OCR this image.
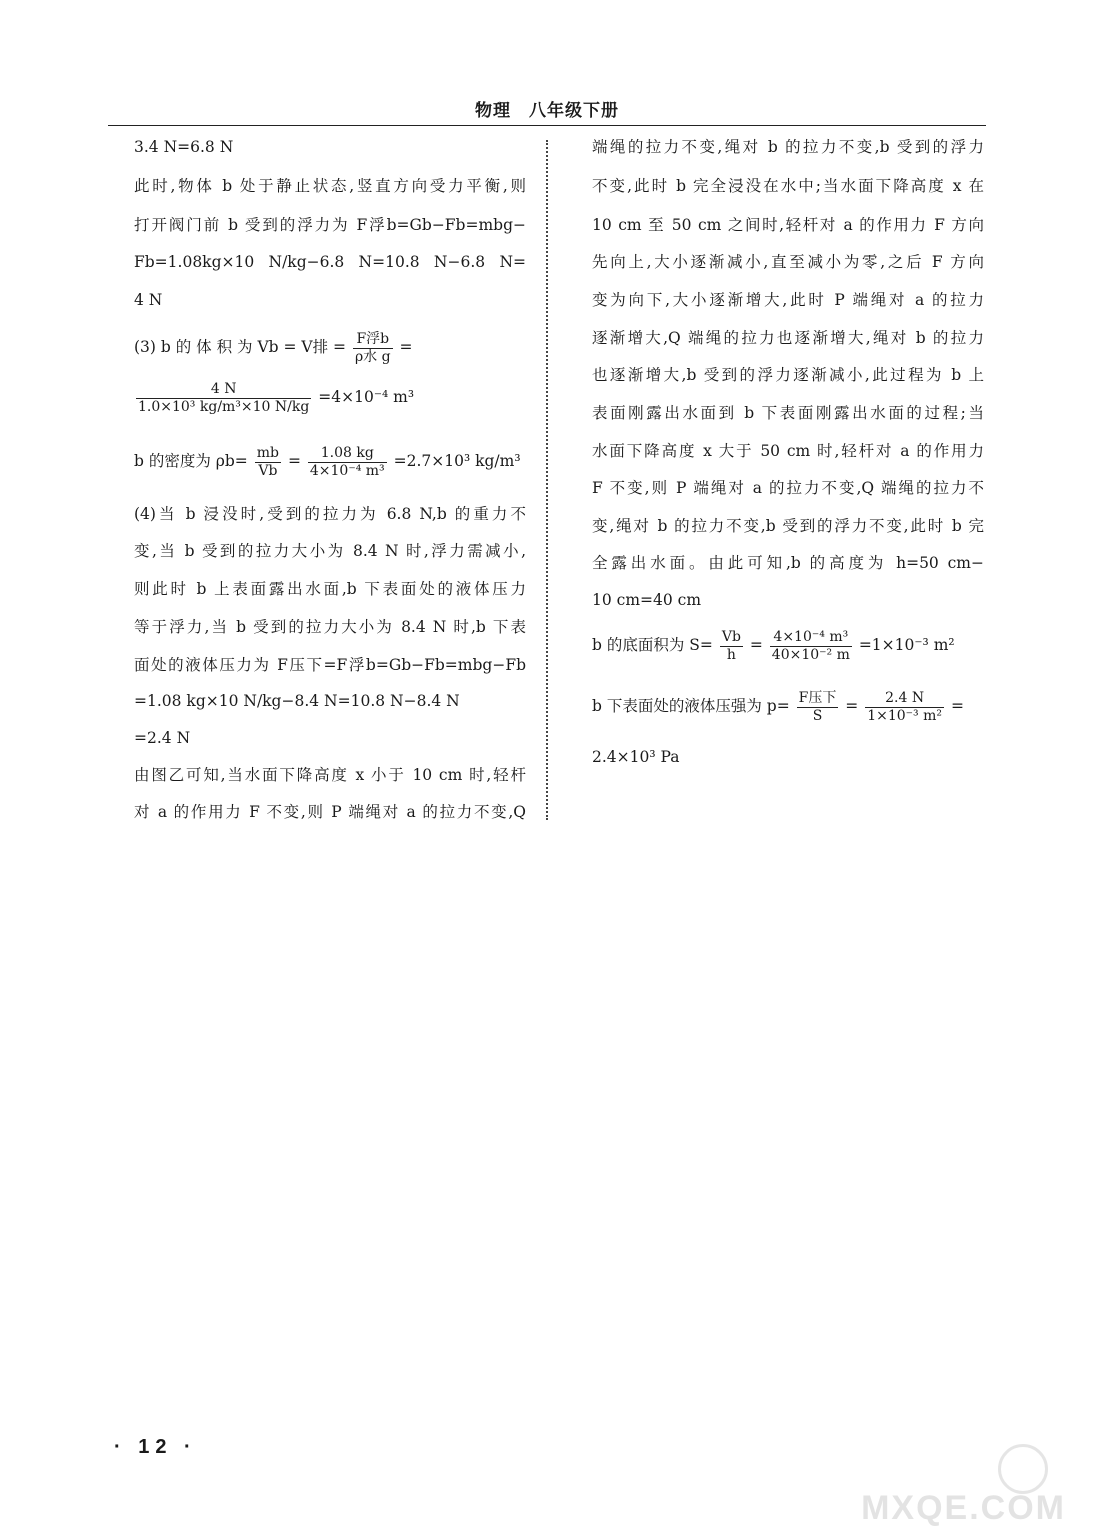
物理 八年级下册
3.4 N=6.8 N
此时,物体 b 处于静止状态,竖直方向受力平衡,则
打开阀门前 b 受到的浮力为 F浮b=Gb−Fb=mbg−
Fb=1.08kg×10 N/kg−6.8 N=10.8 N−6.8 N=
4 N
(3) b 的 体 积 为 Vb = V排 = $\frac{\text{F浮b}}{\text{ρ水 g}}$ =
$\frac{4 N}{\text{1.0×10³ kg/m³×10 N/kg}} =4\times 10^{-4}$ m³
b 的密度为 $\rho b= \frac{mb}{Vb} = \frac{1.08 kg}{\text{4×10⁻⁴ m³}} =2.7\times 10^3$ kg/m³
(4)当 b 浸没时,受到的拉力为 6.8 N,b 的重力不
变,当 b 受到的拉力大小为 8.4 N 时,浮力需减小,
则此时 b 上表面露出水面,b 下表面处的液体压力
等于浮力,当 b 受到的拉力大小为 8.4 N 时,b 下表
面处的液体压力为 F压下=F浮b=Gb−Fb=mbg−Fb
=1.08 kg×10 N/kg−8.4 N=10.8 N−8.4 N
=2.4 N
由图乙可知,当水面下降高度 x 小于 10 cm 时,轻杆
对 a 的作用力 F 不变,则 P 端绳对 a 的拉力不变,Q
端绳的拉力不变,绳对 b 的拉力不变,b 受到的浮力
不变,此时 b 完全浸没在水中;当水面下降高度 x 在
10 cm 至 50 cm 之间时,轻杆对 a 的作用力 F 方向
先向上,大小逐渐减小,直至减小为零,之后 F 方向
变为向下,大小逐渐增大,此时 P 端绳对 a 的拉力
逐渐增大,Q 端绳的拉力也逐渐增大,绳对 b 的拉力
也逐渐增大,b 受到的浮力逐渐减小,此过程为 b 上
表面刚露出水面到 b 下表面刚露出水面的过程;当
水面下降高度 x 大于 50 cm 时,轻杆对 a 的作用力
F 不变,则 P 端绳对 a 的拉力不变,Q 端绳的拉力不
变,绳对 b 的拉力不变,b 受到的浮力不变,此时 b 完
全露出水面。由此可知,b 的高度为 h=50 cm−
10 cm=40 cm
b 的底面积为 $S= \frac{Vb}{h} = \frac{\text{4×10⁻⁴ m³}}{\text{40×10⁻² m}} =1\times 10^{-3}$ m²
b 下表面处的液体压强为 $p= \frac{\text{F压下}}{S} = \frac{2.4 N}{\text{1×10⁻³ m²}}$ =
2.4×10³ Pa
· 12 ·
MXQE.COM
